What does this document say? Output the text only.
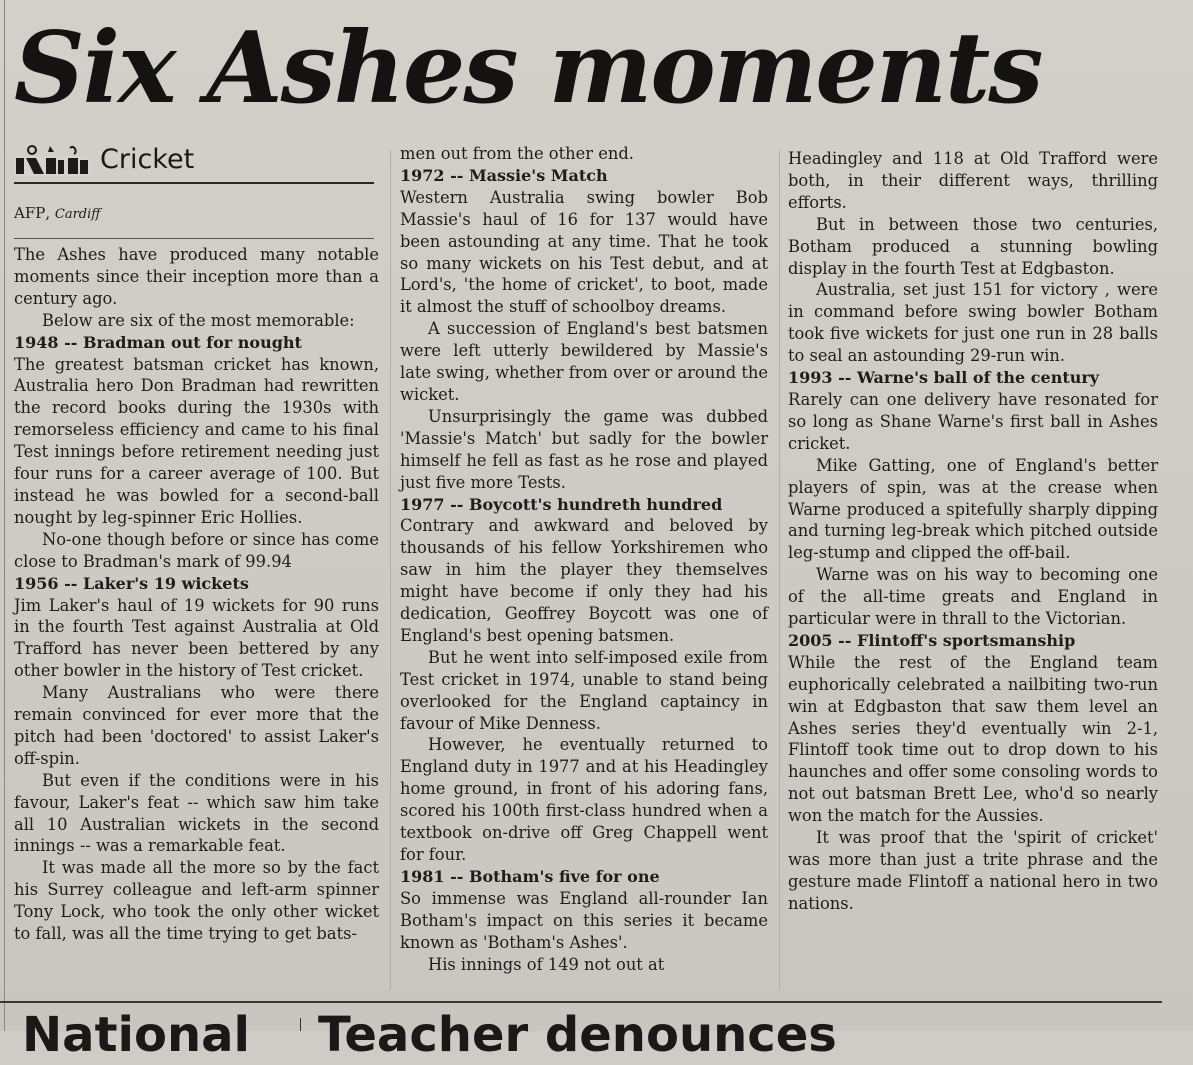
Six Ashes moments
Cricket
AFP, Cardiff

The Ashes have produced many notable moments since their inception more than a century ago.

Below are six of the most memorable:

1948 -- Bradman out for nought

The greatest batsman cricket has known, Australia hero Don Bradman had rewritten the record books during the 1930s with remorseless efficiency and came to his final Test innings before retirement needing just four runs for a career average of 100. But instead he was bowled for a second-ball nought by leg-spinner Eric Hollies.

No-one though before or since has come close to Bradman's mark of 99.94

1956 -- Laker's 19 wickets

Jim Laker's haul of 19 wickets for 90 runs in the fourth Test against Australia at Old Trafford has never been bettered by any other bowler in the history of Test cricket.

Many Australians who were there remain convinced for ever more that the pitch had been 'doctored' to assist Laker's off-spin.

But even if the conditions were in his favour, Laker's feat -- which saw him take all 10 Australian wickets in the second innings -- was a remarkable feat.

It was made all the more so by the fact his Surrey colleague and left-arm spinner Tony Lock, who took the only other wicket to fall, was all the time trying to get bats-

men out from the other end.

1972 -- Massie's Match

Western Australia swing bowler Bob Massie's haul of 16 for 137 would have been astounding at any time. That he took so many wickets on his Test debut, and at Lord's, 'the home of cricket', to boot, made it almost the stuff of schoolboy dreams.

A succession of England's best batsmen were left utterly bewildered by Massie's late swing, whether from over or around the wicket.

Unsurprisingly the game was dubbed 'Massie's Match' but sadly for the bowler himself he fell as fast as he rose and played just five more Tests.

1977 -- Boycott's hundreth hundred

Contrary and awkward and beloved by thousands of his fellow Yorkshiremen who saw in him the player they themselves might have become if only they had his dedication, Geoffrey Boycott was one of England's best opening batsmen.

But he went into self-imposed exile from Test cricket in 1974, unable to stand being overlooked for the England captaincy in favour of Mike Denness.

However, he eventually returned to England duty in 1977 and at his Headingley home ground, in front of his adoring fans, scored his 100th first-class hundred when a textbook on-drive off Greg Chappell went for four.

1981 -- Botham's five for one

So immense was England all-rounder Ian Botham's impact on this series it became known as 'Botham's Ashes'.

His innings of 149 not out at

Headingley and 118 at Old Trafford were both, in their different ways, thrilling efforts.

But in between those two centuries, Botham produced a stunning bowling display in the fourth Test at Edgbaston.

Australia, set just 151 for victory , were in command before swing bowler Botham took five wickets for just one run in 28 balls to seal an astounding 29-run win.

1993 -- Warne's ball of the century

Rarely can one delivery have resonated for so long as Shane Warne's first ball in Ashes cricket.

Mike Gatting, one of England's better players of spin, was at the crease when Warne produced a spitefully sharply dipping and turning leg-break which pitched outside leg-stump and clipped the off-bail.

Warne was on his way to becoming one of the all-time greats and England in particular were in thrall to the Victorian.

2005 -- Flintoff's sportsmanship

While the rest of the England team euphorically celebrated a nailbiting two-run win at Edgbaston that saw them level an Ashes series they'd eventually win 2-1, Flintoff took time out to drop down to his haunches and offer some consoling words to not out batsman Brett Lee, who'd so nearly won the match for the Aussies.

It was proof that the 'spirit of cricket' was more than just a trite phrase and the gesture made Flintoff a national hero in two nations.

National Teacher denounces
